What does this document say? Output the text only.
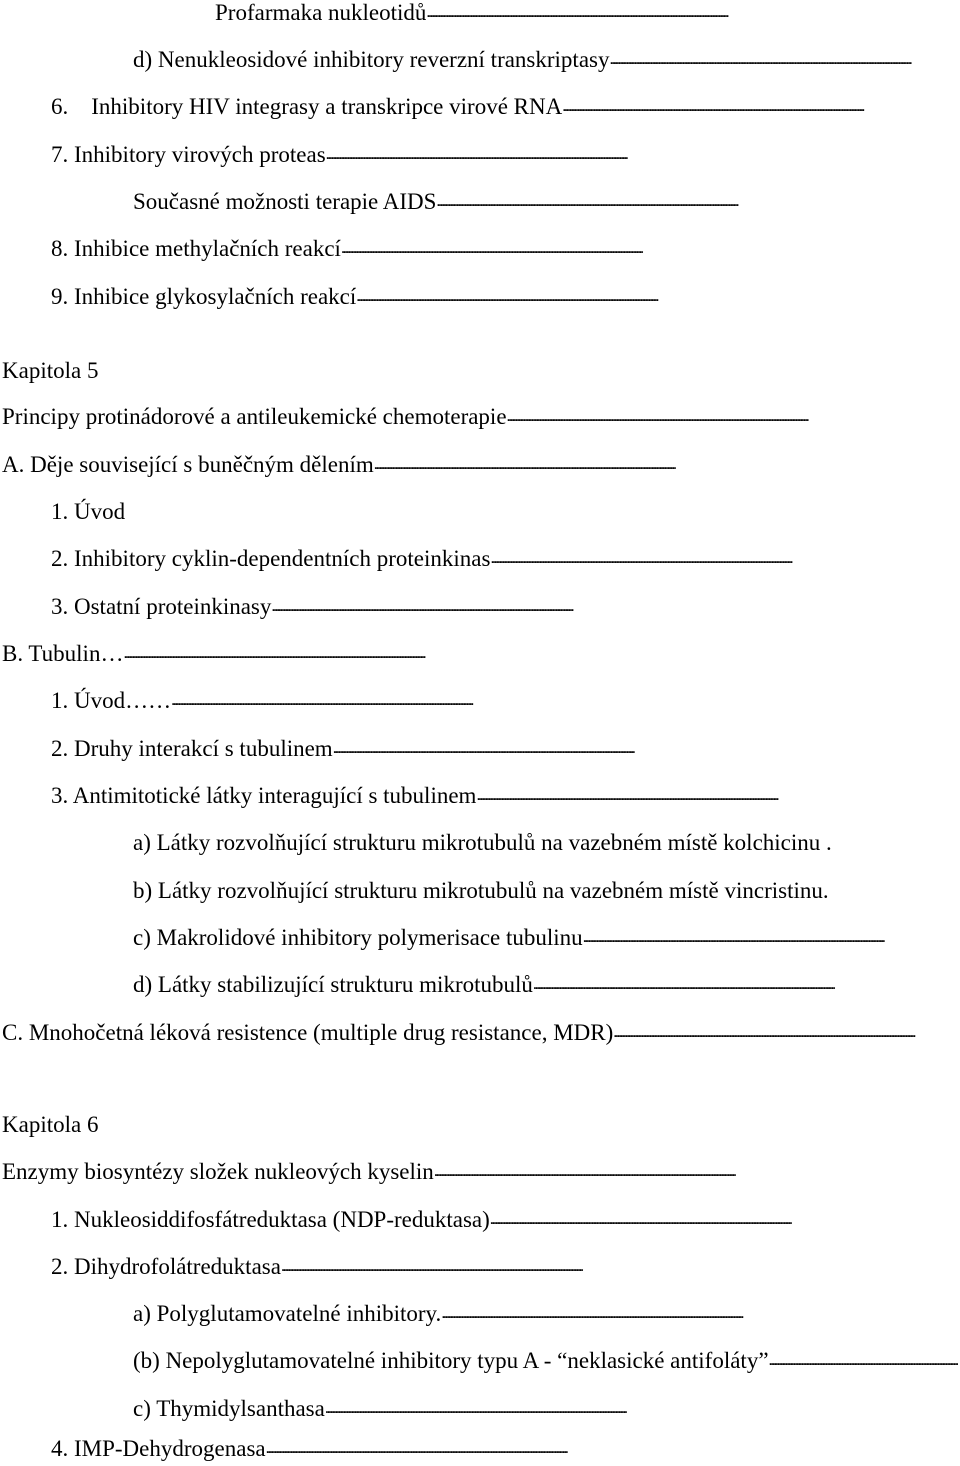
Profarmaka nukleotidů
. . .
d) Nenukleosidové inhibitory reverzní transkriptasy
. . .
6.    Inhibitory HIV integrasy a transkripce virové RNA
. . .
7. Inhibitory virových proteas
. . .
Současné možnosti terapie AIDS
. . .
8. Inhibice methylačních reakcí
. . .
9. Inhibice glykosylačních reakcí
. . .
Kapitola 5
Principy protinádorové a antileukemické chemoterapie
. . .
A. Děje související s buněčným dělením
. . .
1. Úvod
2. Inhibitory cyklin-dependentních proteinkinas
. . .
3. Ostatní proteinkinasy
. . .
B. Tubulin…
. . .
1. Úvod……
. . .
2. Druhy interakcí s tubulinem
. . .
3. Antimitotické látky interagující s tubulinem
. . .
a) Látky rozvolňující strukturu mikrotubulů na vazebném místě kolchicinu .
b) Látky rozvolňující strukturu mikrotubulů na vazebném místě vincristinu.
c) Makrolidové inhibitory polymerisace tubulinu
. . .
d) Látky stabilizující strukturu mikrotubulů
. . .
C. Mnohočetná léková resistence (multiple drug resistance, MDR)
. . .
Kapitola 6
Enzymy biosyntézy složek nukleových kyselin
. . .
1. Nukleosiddifosfátreduktasa (NDP-reduktasa)
. . .
2. Dihydrofolátreduktasa
. . .
a) Polyglutamovatelné inhibitory.
. . .
(b) Nepolyglutamovatelné inhibitory typu A - “neklasické antifoláty”
. . .
c) Thymidylsanthasa
. . .
4. IMP-Dehydrogenasa
. . .
